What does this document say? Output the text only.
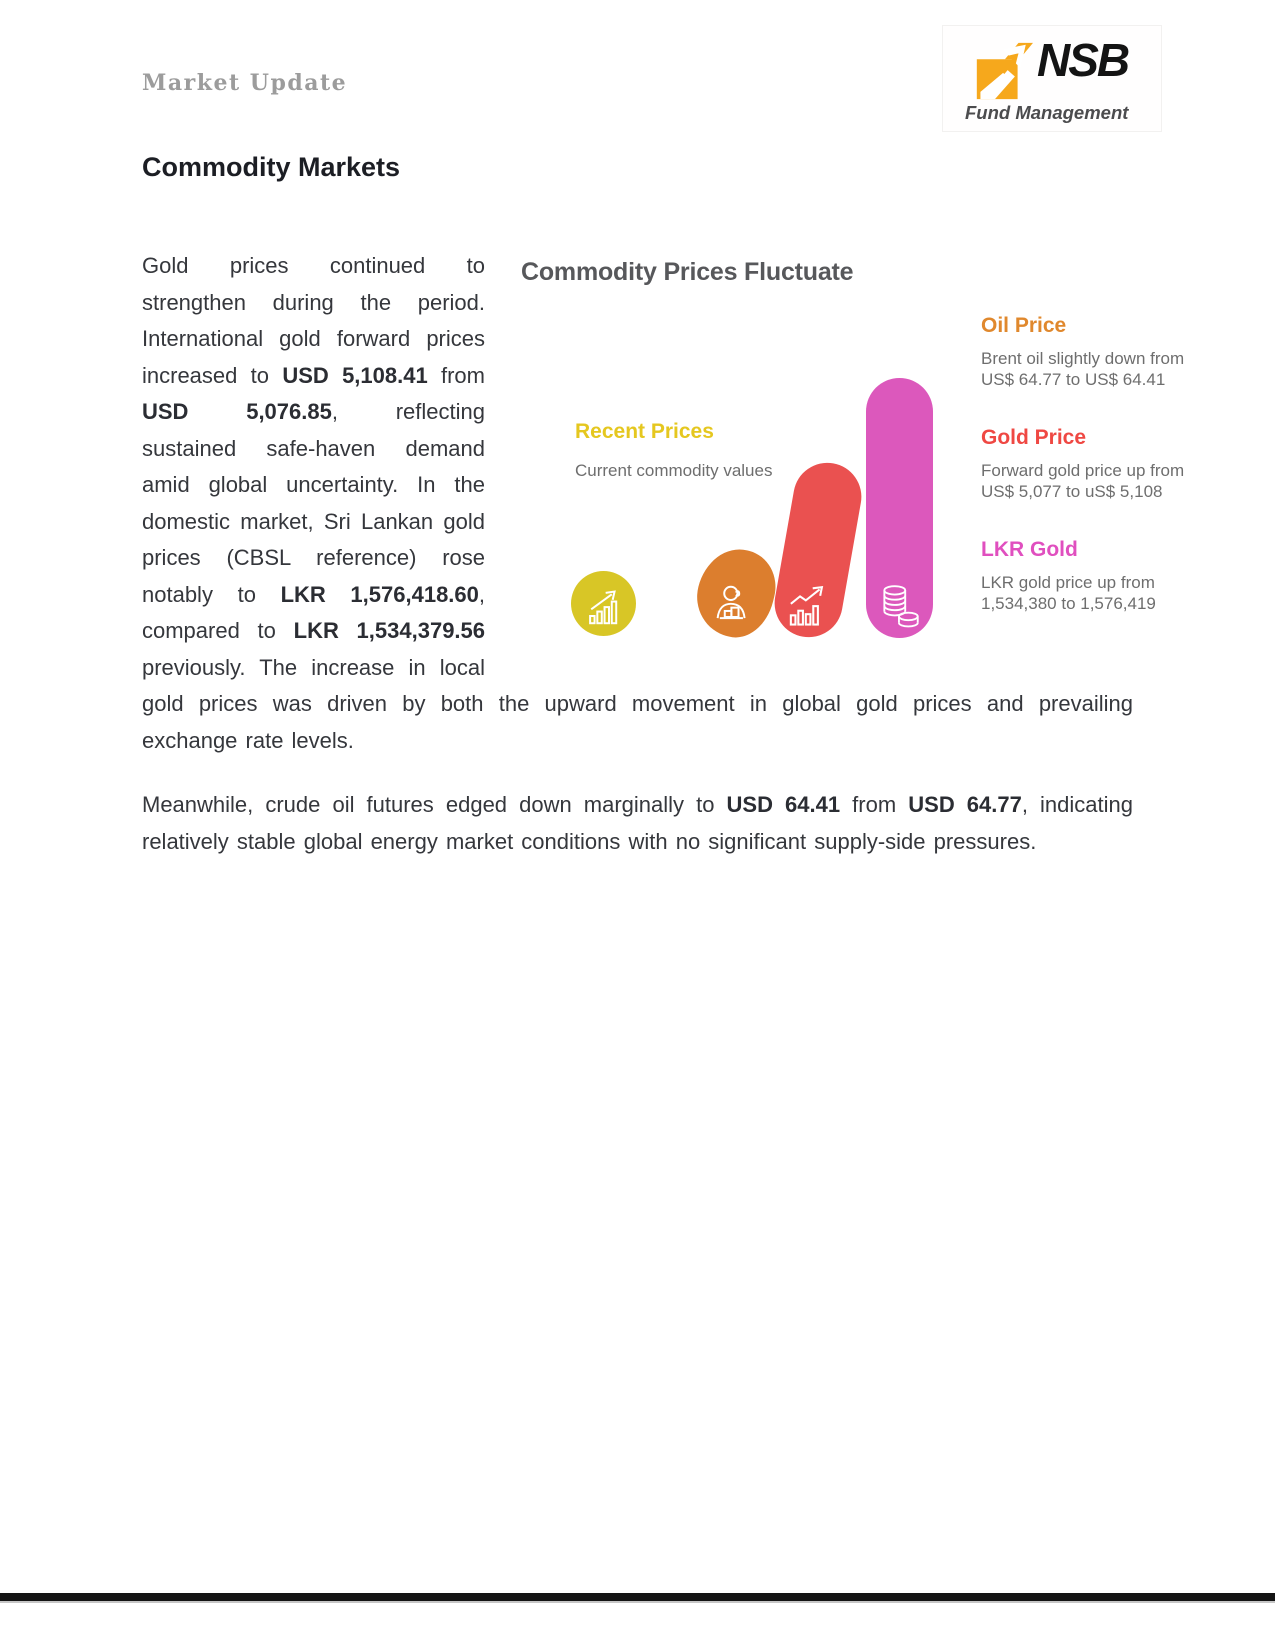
Market Update	NSB
Fund Management
Commodity Markets
Commodity Prices Fluctuate
Recent Prices
Current commodity values
Oil Price
Brent oil slightly down from US$ 64.77 to US$ 64.41
Gold Price
Forward gold price up from US$ 5,077 to uS$ 5,108
LKR Gold
LKR gold price up from 1,534,380 to 1,576,419

Gold prices continued to strengthen during the period. International gold forward prices increased to USD 5,108.41 from USD 5,076.85, reflecting sustained safe-haven demand amid global uncertainty. In the domestic market, Sri Lankan gold prices (CBSL reference) rose notably to LKR 1,576,418.60, compared to LKR 1,534,379.56 previously. The increase in local gold prices was driven by both the upward movement in global gold prices and prevailing exchange rate levels.

Meanwhile, crude oil futures edged down marginally to USD 64.41 from USD 64.77, indicating relatively stable global energy market conditions with no significant supply-side pressures.
